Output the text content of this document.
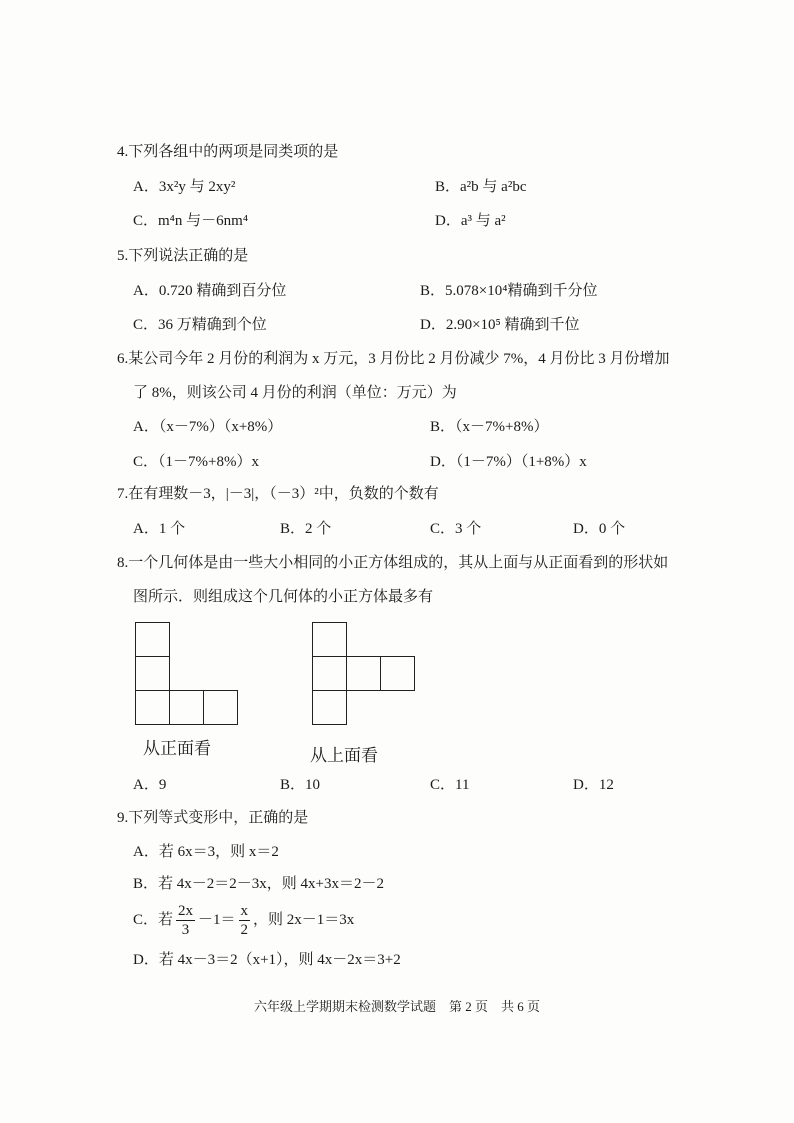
4.下列各组中的两项是同类项的是
A．3x²y 与 2xy²	B．a²b 与 a²bc
C．m⁴n 与－6nm⁴	D．a³ 与 a²
5.下列说法正确的是
A．0.720 精确到百分位	B．5.078×10⁴精确到千分位
C．36 万精确到个位	D．2.90×10⁵ 精确到千位
6.某公司今年 2 月份的利润为 x 万元，3 月份比 2 月份减少 7%，4 月份比 3 月份增加
了 8%，则该公司 4 月份的利润（单位：万元）为
A．（x－7%）（x+8%）	B．（x－7%+8%）
C．（1－7%+8%）x	D．（1－7%）（1+8%）x
7.在有理数－3，|－3|，（－3）²中，负数的个数有
A．1 个	B．2 个	C．3 个	D．0 个
8.一个几何体是由一些大小相同的小正方体组成的，其从上面与从正面看到的形状如
图所示．则组成这个几何体的小正方体最多有
从正面看	从上面看
A．9	B．10	C．11	D．12
9.下列等式变形中，正确的是
A．若 6x＝3，则 x＝2
B．若 4x－2＝2－3x，则 4x+3x＝2－2
C．若 $\frac{2x}{3} -1= \frac{x}{2}$ ，则 2x－1＝3x
D．若 4x－3＝2（x+1），则 4x－2x＝3+2
六年级上学期期末检测数学试题　第 2 页　共 6 页
